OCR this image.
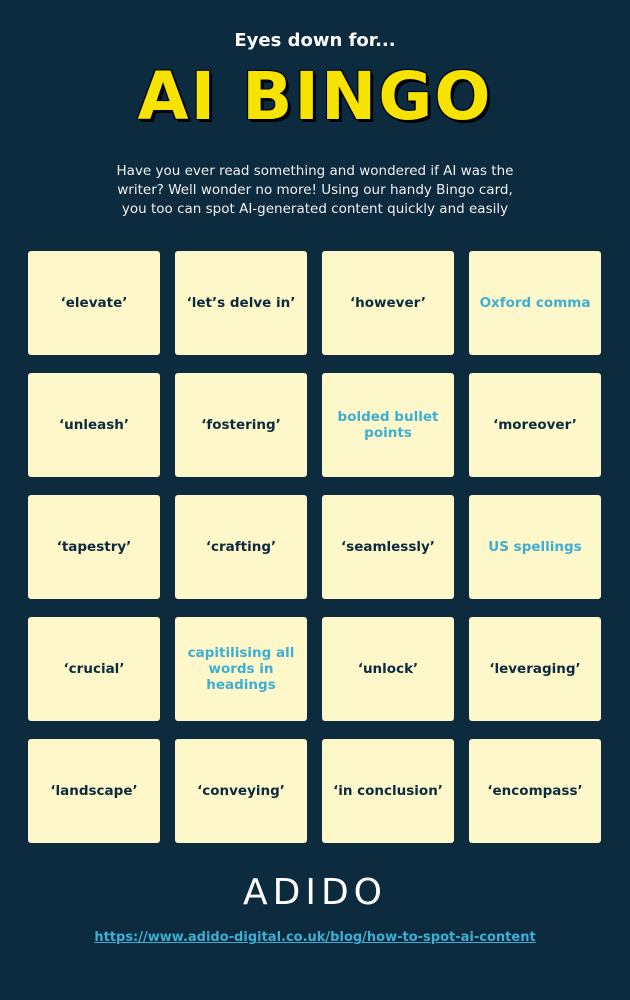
Eyes down for...
AI BINGO
Have you ever read something and wondered if AI was the writer? Well wonder no more! Using our handy Bingo card, you too can spot AI-generated content quickly and easily
‘elevate’	‘let’s delve in’	‘however’	Oxford comma
‘unleash’	‘fostering’	bolded bullet points	‘moreover’
‘tapestry’	‘crafting’	‘seamlessly’	US spellings
‘crucial’
capitilising all words in headings
‘unlock’	‘leveraging’
‘landscape’	‘conveying’	‘in conclusion’	‘encompass’
ADIDO
https://www.adido-digital.co.uk/blog/how-to-spot-ai-content
